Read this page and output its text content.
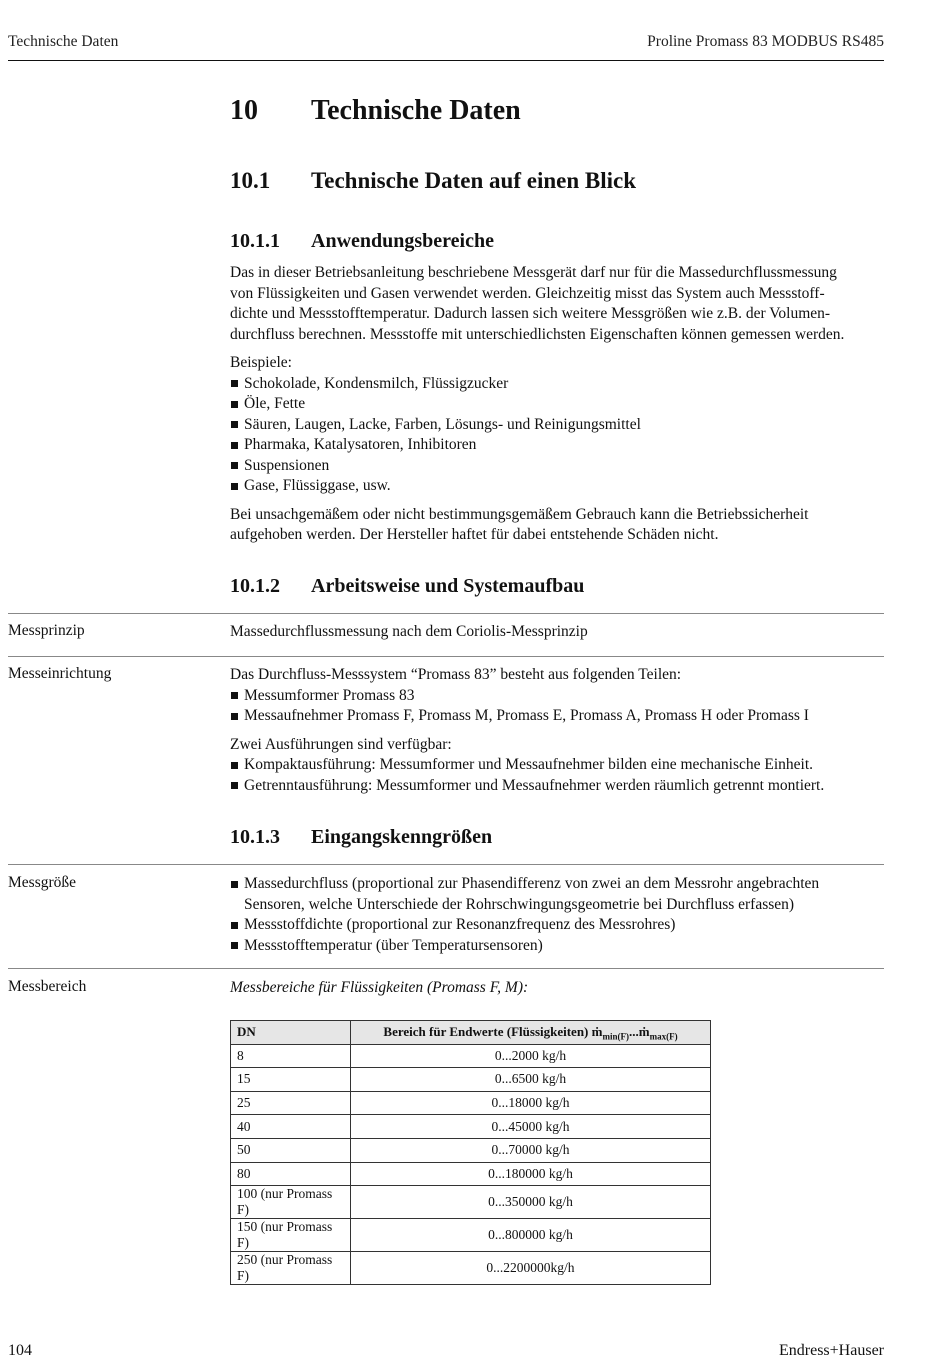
Technische Daten	Proline Promass 83 MODBUS RS485
10 Technische Daten
10.1 Technische Daten auf einen Blick
10.1.1 Anwendungsbereiche

Das in dieser Betriebsanleitung beschriebene Messgerät darf nur für die Massedurchflussmessung
von Flüssigkeiten und Gasen verwendet werden. Gleichzeitig misst das System auch Messstoff-
dichte und Messstofftemperatur. Dadurch lassen sich weitere Messgrößen wie z.B. der Volumen-
durchfluss berechnen. Messstoffe mit unterschiedlichsten Eigenschaften können gemessen werden.

Beispiele:

Schokolade, Kondensmilch, Flüssigzucker
Öle, Fette
Säuren, Laugen, Lacke, Farben, Lösungs- und Reinigungsmittel
Pharmaka, Katalysatoren, Inhibitoren
Suspensionen
Gase, Flüssiggase, usw.

Bei unsachgemäßem oder nicht bestimmungsgemäßem Gebrauch kann die Betriebssicherheit
aufgehoben werden. Der Hersteller haftet für dabei entstehende Schäden nicht.

10.1.2 Arbeitsweise und Systemaufbau
Messprinzip	Massedurchflussmessung nach dem Coriolis-Messprinzip
Messeinrichtung	Das Durchfluss-Messsystem “Promass 83” besteht aus folgenden Teilen:

Messumformer Promass 83
Messaufnehmer Promass F, Promass M, Promass E, Promass A, Promass H oder Promass I

Zwei Ausführungen sind verfügbar:

Kompaktausführung: Messumformer und Messaufnehmer bilden eine mechanische Einheit.
Getrenntausführung: Messumformer und Messaufnehmer werden räumlich getrennt montiert.
10.1.3 Eingangskenngrößen
Messgröße	Massedurchfluss (proportional zur Phasendifferenz von zwei an dem Messrohr angebrachten
Sensoren, welche Unterschiede der Rohrschwingungsgeometrie bei Durchfluss erfassen)
Messstoffdichte (proportional zur Resonanzfrequenz des Messrohres)
Messstofftemperatur (über Temperatursensoren)
Messbereich	Messbereiche für Flüssigkeiten (Promass F, M):
DN	Bereich für Endwerte (Flüssigkeiten) ṁ$_{min(F)}$...ṁ$_{max(F)}$
8	0...2000 kg/h
15	0...6500 kg/h
25	0...18000 kg/h
40	0...45000 kg/h
50	0...70000 kg/h
80	0...180000 kg/h
100 (nur Promass F)	0...350000 kg/h
150 (nur Promass F)	0...800000 kg/h
250 (nur Promass F)	0...2200000kg/h
104	Endress+Hauser
